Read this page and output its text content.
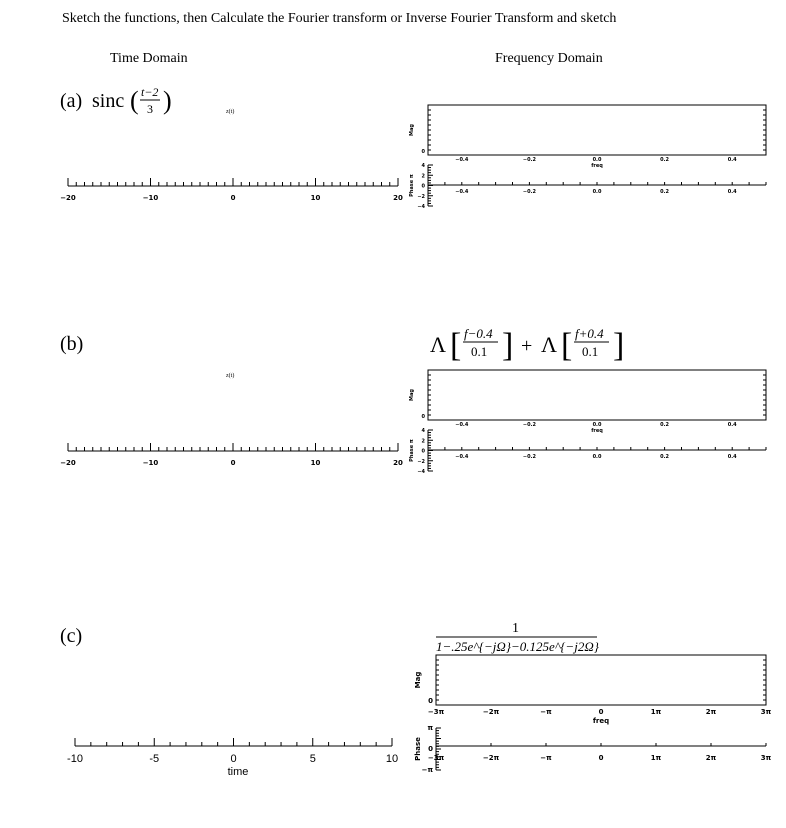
Sketch the functions, then Calculate the Fourier transform or Inverse Fourier Transform and sketch
Time Domain	Frequency Domain
(a) sinc ( t−2
3 )	z(t)
(b)	Λ [ f−0.4
0.1 ] + Λ [ f+0.4
0.1 ]
z(t)
(c)	1
1−.25e^{−jΩ}−0.125e^{−j2Ω}
−20	−10	0	10	20
−20	−10	0	10	20
-10	-5	0	5	10
time
Mag
0
−0.4	−0.2	0.0	0.2	0.4
freq
4
2
0
−2
−4
Phase π	−0.4	−0.2	0.0	0.2	0.4
Mag
0
−0.4	−0.2	0.0	0.2	0.4
freq
4
2
0
−2
−4
Phase π	−0.4	−0.2	0.0	0.2	0.4
Mag
0
−3π	−2π	−π	0	1π	2π	3π
freq
π
0
−π
Phase −3π	−2π	−π	0	1π	2π	3π
